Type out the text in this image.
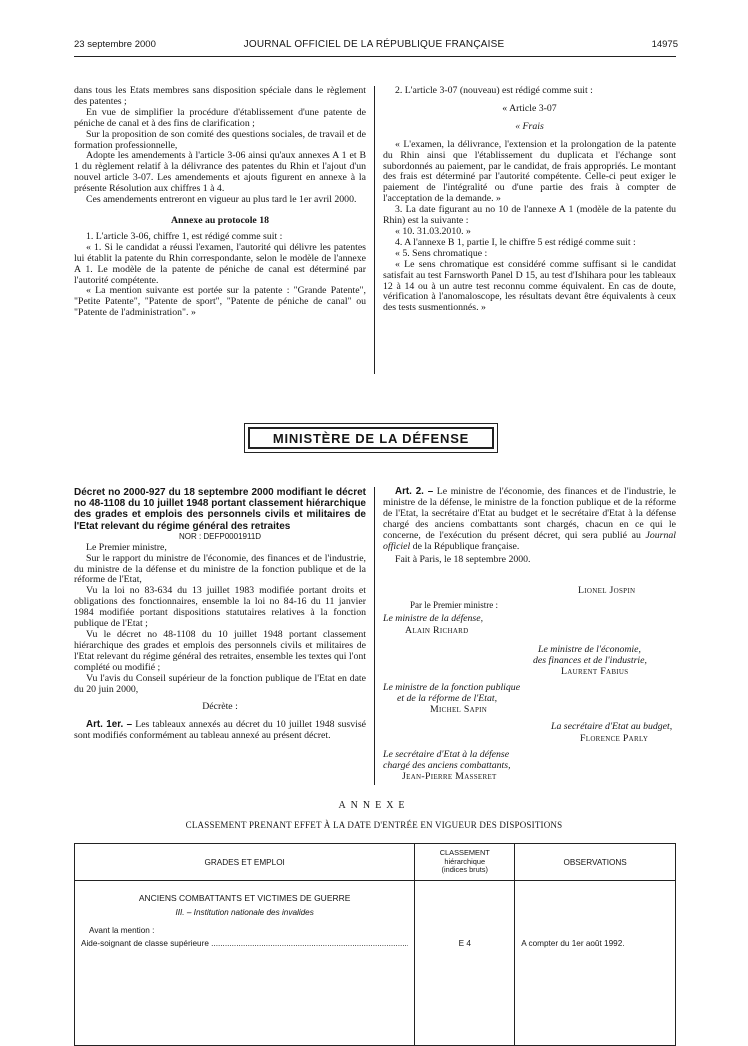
23 septembre 2000	JOURNAL OFFICIEL DE LA RÉPUBLIQUE FRANÇAISE	14975

dans tous les Etats membres sans disposition spéciale dans le règlement des patentes ;

En vue de simplifier la procédure d'établissement d'une patente de péniche de canal et à des fins de clarification ;

Sur la proposition de son comité des questions sociales, de travail et de formation professionnelle,

Adopte les amendements à l'article 3-06 ainsi qu'aux annexes A 1 et B 1 du règlement relatif à la délivrance des patentes du Rhin et l'ajout d'un nouvel article 3-07. Les amendements et ajouts figurent en annexe à la présente Résolution aux chiffres 1 à 4.

Ces amendements entreront en vigueur au plus tard le 1er avril 2000.

Annexe au protocole 18

1. L'article 3-06, chiffre 1, est rédigé comme suit :

« 1. Si le candidat a réussi l'examen, l'autorité qui délivre les patentes lui établit la patente du Rhin correspondante, selon le modèle de l'annexe A 1. Le modèle de la patente de péniche de canal est déterminé par l'autorité compétente.

« La mention suivante est portée sur la patente : "Grande Patente", "Petite Patente", "Patente de sport", "Patente de péniche de canal" ou "Patente de l'administration". »

2. L'article 3-07 (nouveau) est rédigé comme suit :

« Article 3-07

« Frais

« L'examen, la délivrance, l'extension et la prolongation de la patente du Rhin ainsi que l'établissement du duplicata et l'échange sont subordonnés au paiement, par le candidat, de frais appropriés. Le montant des frais est déterminé par l'autorité compétente. Celle-ci peut exiger le paiement de l'intégralité ou d'une partie des frais à compter de l'acceptation de la demande. »

3. La date figurant au no 10 de l'annexe A 1 (modèle de la patente du Rhin) est la suivante :

« 10. 31.03.2010. »

4. A l'annexe B 1, partie I, le chiffre 5 est rédigé comme suit :

« 5. Sens chromatique :

« Le sens chromatique est considéré comme suffisant si le candidat satisfait au test Farnsworth Panel D 15, au test d'Ishihara pour les tableaux 12 à 14 ou à un autre test reconnu comme équivalent. En cas de doute, vérification à l'anomaloscope, les résultats devant être équivalents à ceux des tests susmentionnés. »

MINISTÈRE DE LA DÉFENSE

Décret no 2000-927 du 18 septembre 2000 modifiant le décret no 48-1108 du 10 juillet 1948 portant classement hiérarchique des grades et emplois des personnels civils et militaires de l'Etat relevant du régime général des retraites

NOR : DEFP0001911D

Le Premier ministre,

Sur le rapport du ministre de l'économie, des finances et de l'industrie, du ministre de la défense et du ministre de la fonction publique et de la réforme de l'Etat,

Vu la loi no 83-634 du 13 juillet 1983 modifiée portant droits et obligations des fonctionnaires, ensemble la loi no 84-16 du 11 janvier 1984 modifiée portant dispositions statutaires relatives à la fonction publique de l'Etat ;

Vu le décret no 48-1108 du 10 juillet 1948 portant classement hiérarchique des grades et emplois des personnels civils et militaires de l'Etat relevant du régime général des retraites, ensemble les textes qui l'ont complété ou modifié ;

Vu l'avis du Conseil supérieur de la fonction publique de l'Etat en date du 20 juin 2000,

Décrète :

Art. 1er. – Les tableaux annexés au décret du 10 juillet 1948 susvisé sont modifiés conformément au tableau annexé au présent décret.

Art. 2. – Le ministre de l'économie, des finances et de l'industrie, le ministre de la défense, le ministre de la fonction publique et de la réforme de l'Etat, la secrétaire d'Etat au budget et le secrétaire d'Etat à la défense chargé des anciens combattants sont chargés, chacun en ce qui le concerne, de l'exécution du présent décret, qui sera publié au Journal officiel de la République française.

Fait à Paris, le 18 septembre 2000.

Lionel Jospin
Par le Premier ministre :
Le ministre de la défense,
Alain Richard
Le ministre de l'économie,
des finances et de l'industrie,
Laurent Fabius
Le ministre de la fonction publique
et de la réforme de l'Etat,
Michel Sapin
La secrétaire d'Etat au budget,
Florence Parly
Le secrétaire d'Etat à la défense
chargé des anciens combattants,
Jean-Pierre Masseret
ANNEXE
CLASSEMENT PRENANT EFFET À LA DATE D'ENTRÉE EN VIGUEUR DES DISPOSITIONS
GRADES ET EMPLOI	CLASSEMENT
hiérarchique
(indices bruts)	OBSERVATIONS

ANCIENS COMBATTANTS ET VICTIMES DE GUERRE
III. – Institution nationale des invalides
Avant la mention :
Aide-soignant de classe supérieure .....	E 4	A compter du 1er août 1992.
